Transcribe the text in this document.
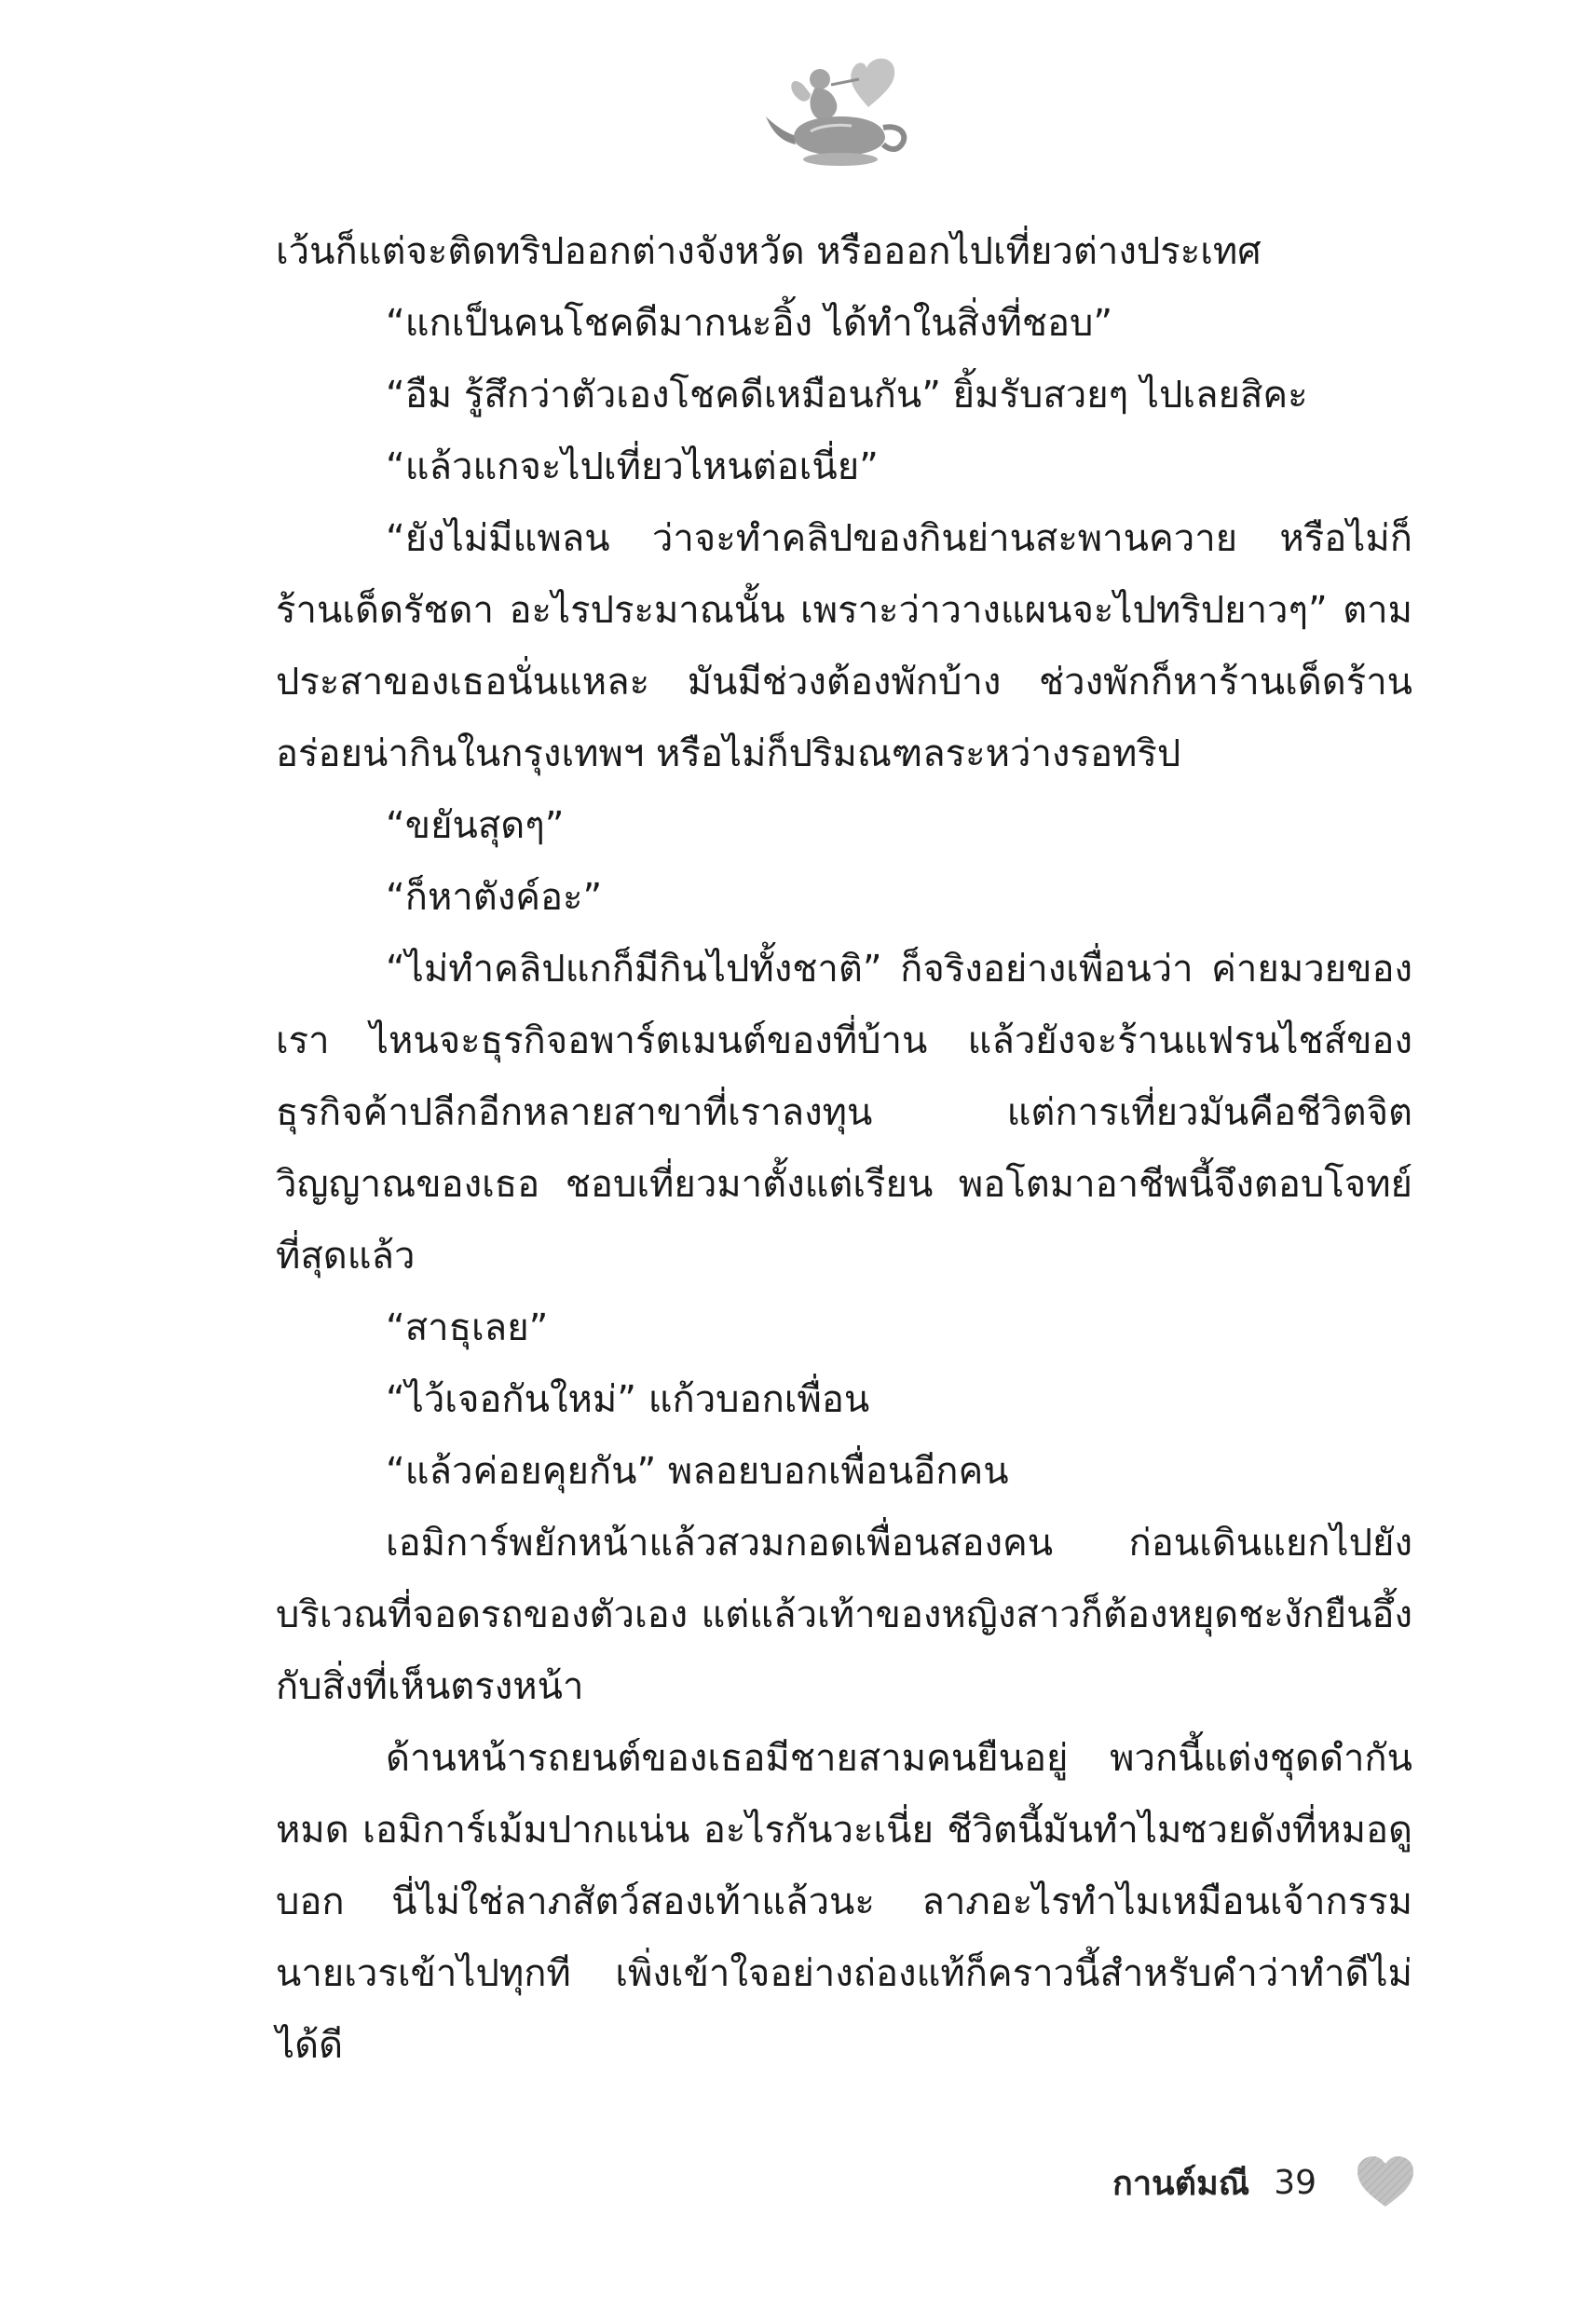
เว้นก็แต่จะติดทริปออกต่างจังหวัด หรือออกไปเที่ยวต่างประเทศ

“แกเป็นคนโชคดีมากนะอิ้ง ได้ทำในสิ่งที่ชอบ”

“อืม รู้สึกว่าตัวเองโชคดีเหมือนกัน” ยิ้มรับสวยๆ ไปเลยสิคะ

“แล้วแกจะไปเที่ยวไหนต่อเนี่ย”

“ยังไม่มีแพลน ว่าจะทำคลิปของกินย่านสะพานควาย หรือไม่ก็ร้านเด็ดรัชดา อะไรประมาณนั้น เพราะว่าวางแผนจะไปทริปยาวๆ” ตามประสาของเธอนั่นแหละ มันมีช่วงต้องพักบ้าง ช่วงพักก็หาร้านเด็ดร้านอร่อยน่ากินในกรุงเทพฯ หรือไม่ก็ปริมณฑลระหว่างรอทริป

“ขยันสุดๆ”

“ก็หาตังค์อะ”

“ไม่ทำคลิปแกก็มีกินไปทั้งชาติ” ก็จริงอย่างเพื่อนว่า ค่ายมวยของเรา ไหนจะธุรกิจอพาร์ตเมนต์ของที่บ้าน แล้วยังจะร้านแฟรนไชส์ของธุรกิจค้าปลีกอีกหลายสาขาที่เราลงทุน แต่การเที่ยวมันคือชีวิตจิตวิญญาณของเธอ ชอบเที่ยวมาตั้งแต่เรียน พอโตมาอาชีพนี้จึงตอบโจทย์ที่สุดแล้ว

“สาธุเลย”

“ไว้เจอกันใหม่” แก้วบอกเพื่อน

“แล้วค่อยคุยกัน” พลอยบอกเพื่อนอีกคน

เอมิการ์พยักหน้าแล้วสวมกอดเพื่อนสองคน ก่อนเดินแยกไปยังบริเวณที่จอดรถของตัวเอง แต่แล้วเท้าของหญิงสาวก็ต้องหยุดชะงักยืนอึ้งกับสิ่งที่เห็นตรงหน้า

ด้านหน้ารถยนต์ของเธอมีชายสามคนยืนอยู่ พวกนี้แต่งชุดดำกันหมด เอมิการ์เม้มปากแน่น อะไรกันวะเนี่ย ชีวิตนี้มันทำไมซวยดังที่หมอดูบอก นี่ไม่ใช่ลาภสัตว์สองเท้าแล้วนะ ลาภอะไรทำไมเหมือนเจ้ากรรมนายเวรเข้าไปทุกที เพิ่งเข้าใจอย่างถ่องแท้ก็คราวนี้สำหรับคำว่าทำดีไม่ได้ดี

กานต์มณี 39
